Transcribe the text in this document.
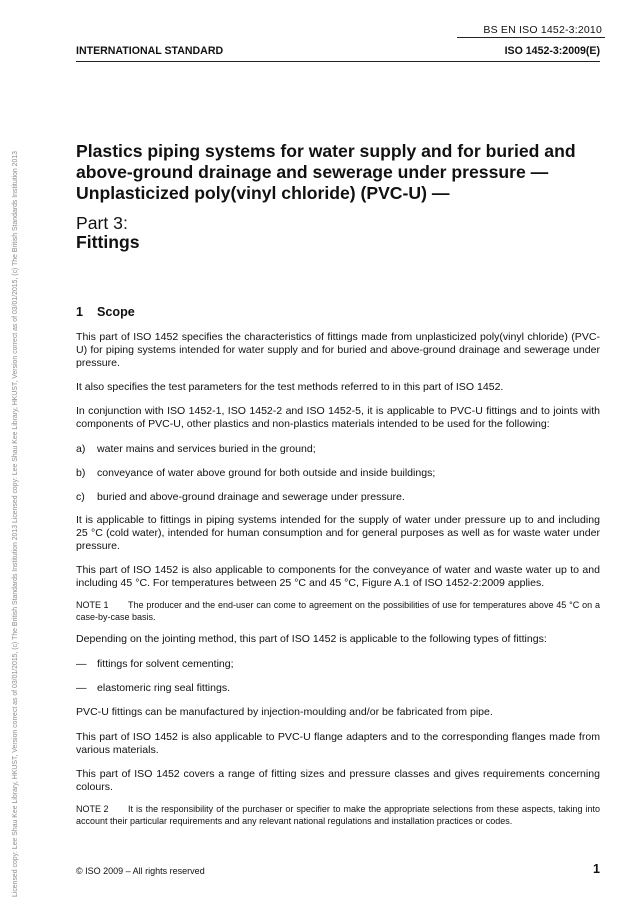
Licensed copy: Lee Shau Kee Library, HKUST, Version correct as of 03/01/2015, (c) The British Standards Institution 2013 Licensed copy: Lee Shau Kee Library, HKUST, Version correct as of 03/01/2015, (c) The British Standards Institution 2013
BS EN ISO 1452-3:2010
INTERNATIONAL STANDARD	ISO 1452-3:2009(E)
Plastics piping systems for water supply and for buried and
above-ground drainage and sewerage under pressure —
Unplasticized poly(vinyl chloride) (PVC-U) —
Part 3:
Fittings
1 Scope

This part of ISO 1452 specifies the characteristics of fittings made from unplasticized poly(vinyl chloride) (PVC-U) for piping systems intended for water supply and for buried and above-ground drainage and sewerage under pressure.

It also specifies the test parameters for the test methods referred to in this part of ISO 1452.

In conjunction with ISO 1452-1, ISO 1452-2 and ISO 1452-5, it is applicable to PVC-U fittings and to joints with components of PVC-U, other plastics and non-plastics materials intended to be used for the following:

a) water mains and services buried in the ground;
b) conveyance of water above ground for both outside and inside buildings;
c) buried and above-ground drainage and sewerage under pressure.

It is applicable to fittings in piping systems intended for the supply of water under pressure up to and including 25 °C (cold water), intended for human consumption and for general purposes as well as for waste water under pressure.

This part of ISO 1452 is also applicable to components for the conveyance of water and waste water up to and including 45 °C. For temperatures between 25 °C and 45 °C, Figure A.1 of ISO 1452-2:2009 applies.

NOTE 1 The producer and the end-user can come to agreement on the possibilities of use for temperatures above 45 °C on a case-by-case basis.

Depending on the jointing method, this part of ISO 1452 is applicable to the following types of fittings:

— fittings for solvent cementing;
— elastomeric ring seal fittings.

PVC-U fittings can be manufactured by injection-moulding and/or be fabricated from pipe.

This part of ISO 1452 is also applicable to PVC-U flange adapters and to the corresponding flanges made from various materials.

This part of ISO 1452 covers a range of fitting sizes and pressure classes and gives requirements concerning colours.

NOTE 2 It is the responsibility of the purchaser or specifier to make the appropriate selections from these aspects, taking into account their particular requirements and any relevant national regulations and installation practices or codes.
© ISO 2009 – All rights reserved	1
